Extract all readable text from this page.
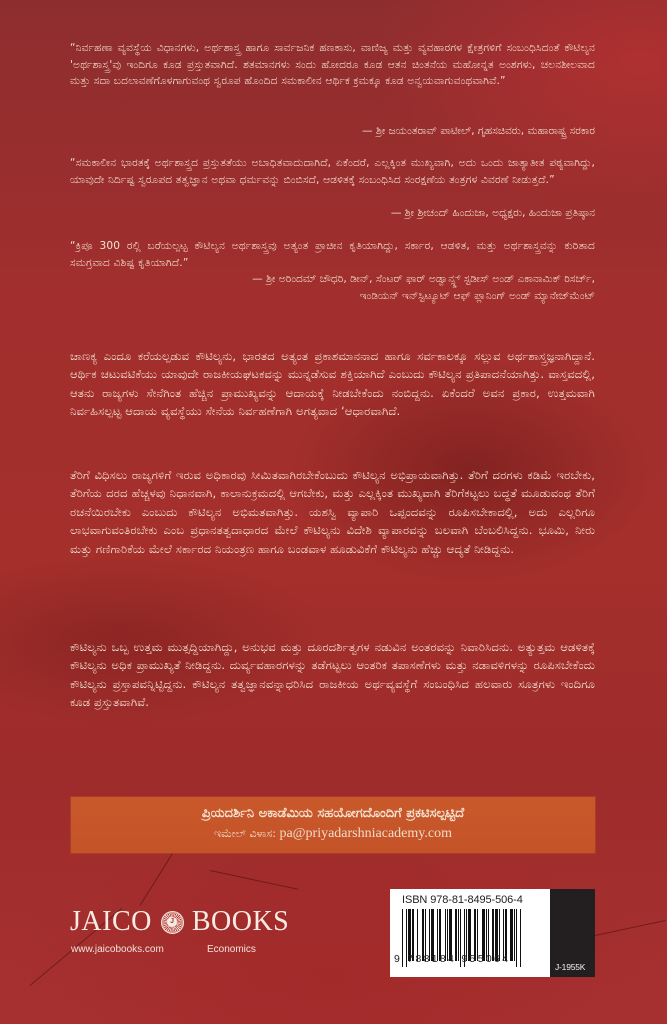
“ನಿರ್ವಹಣಾ ವ್ಯವಸ್ಥೆಯ ವಿಧಾನಗಳು, ಅರ್ಥಶಾಸ್ತ್ರ ಹಾಗೂ ಸಾರ್ವಜನಿಕ ಹಣಕಾಸು, ವಾಣಿಜ್ಯ ಮತ್ತು ವ್ಯವಹಾರಗಳ ಕ್ಷೇತ್ರಗಳಿಗೆ ಸಂಬಂಧಿಸಿದಂತೆ ಕೌಟಿಲ್ಯನ 'ಅರ್ಥಶಾಸ್ತ್ರ'ವು ಇಂದಿಗೂ ಕೂಡ ಪ್ರಸ್ತುತವಾಗಿದೆ. ಶತಮಾನಗಳು ಸಂದು ಹೋದರೂ ಕೂಡ ಆತನ ಚಿಂತನೆಯ ಮಹೋನ್ನತ ಅಂಶಗಳು, ಚಲನಶೀಲವಾದ ಮತ್ತು ಸದಾ ಬದಲಾವಣೆಗೊಳಗಾಗುವಂಥ ಸ್ವರೂಪ ಹೊಂದಿದ ಸಮಕಾಲೀನ ಆರ್ಥಿಕ ಕ್ರಮಕ್ಕೂ ಕೂಡ ಅನ್ವಯವಾಗುವಂಥವಾಗಿವೆ.”
— ಶ್ರೀ ಜಯಂತರಾವ್ ಪಾಟೀಲ್, ಗೃಹಸಚಿವರು, ಮಹಾರಾಷ್ಟ್ರ ಸರಕಾರ
“ಸಮಕಾಲೀನ ಭಾರತಕ್ಕೆ ಅರ್ಥಶಾಸ್ತ್ರದ ಪ್ರಸ್ತುತತೆಯು ಅಬಾಧಿತವಾದುದಾಗಿದೆ, ಏಕೆಂದರೆ, ಎಲ್ಲಕ್ಕಿಂತ ಮುಖ್ಯವಾಗಿ, ಅದು ಒಂದು ಜಾತ್ಯಾತೀತ ಪಠ್ಯವಾಗಿದ್ದು, ಯಾವುದೇ ನಿರ್ದಿಷ್ಟ ಸ್ವರೂಪದ ತತ್ವಜ್ಞಾನ ಅಥವಾ ಧರ್ಮವನ್ನು ಬಿಂಬಿಸದೆ, ಆಡಳಿತಕ್ಕೆ ಸಂಬಂಧಿಸಿದ ಸಂರಕ್ಷಣೆಯ ತಂತ್ರಗಳ ವಿವರಣೆ ನೀಡುತ್ತದೆ.”
— ಶ್ರೀ ಶ್ರೀಚಂದ್ ಹಿಂದುಜಾ, ಅಧ್ಯಕ್ಷರು, ಹಿಂದುಜಾ ಪ್ರತಿಷ್ಠಾನ
“ಕ್ರಿಪೂ 300 ರಲ್ಲಿ ಬರೆಯಲ್ಪಟ್ಟ ಕೌಟಿಲ್ಯನ ಅರ್ಥಶಾಸ್ತ್ರವು ಅತ್ಯಂತ ಪ್ರಾಚೀನ ಕೃತಿಯಾಗಿದ್ದು, ಸರ್ಕಾರ, ಆಡಳಿತ, ಮತ್ತು ಅರ್ಥಶಾಸ್ತ್ರವನ್ನು ಕುರಿತಾದ ಸಮಗ್ರವಾದ ವಿಶಿಷ್ಟ ಕೃತಿಯಾಗಿದೆ.”
— ಶ್ರೀ ಅರಿಂದಮ್ ಚೌಧರಿ, ಡೀನ್, ಸೆಂಟರ್ ಫಾರ್ ಅಡ್ವಾನ್ಸ್ಡ್ ಸ್ಟಡೀಸ್ ಅಂಡ್ ಎಕಾನಾಮಿಕ್ ರಿಸರ್ಚ್,
ಇಂಡಿಯನ್ ಇನ್‌ಸ್ಟಿಟ್ಯೂಟ್ ಆಫ್ ಪ್ಲಾನಿಂಗ್ ಅಂಡ್ ಮ್ಯಾನೇಜ್‌ಮೆಂಟ್
ಚಾಣಕ್ಯ ಎಂದೂ ಕರೆಯಲ್ಪಡುವ ಕೌಟಿಲ್ಯನು, ಭಾರತದ ಅತ್ಯಂತ ಪ್ರಕಾಶಮಾನನಾದ ಹಾಗೂ ಸರ್ವಕಾಲಕ್ಕೂ ಸಲ್ಲುವ ಅರ್ಥಶಾಸ್ತ್ರಜ್ಞನಾಗಿದ್ದಾನೆ. ಆರ್ಥಿಕ ಚಟುವಟಿಕೆಯು ಯಾವುದೇ ರಾಜಕೀಯಘಟಕವನ್ನು ಮುನ್ನಡೆಸುವ ಶಕ್ತಿಯಾಗಿದೆ ಎಂಬುದು ಕೌಟಿಲ್ಯನ ಪ್ರತಿಪಾದನೆಯಾಗಿತ್ತು. ವಾಸ್ತವದಲ್ಲಿ, ಆತನು ರಾಜ್ಯಗಳು ಸೇನೆಗಿಂತ ಹೆಚ್ಚಿನ ಪ್ರಾಮುಖ್ಯವನ್ನು ಆದಾಯಕ್ಕೆ ನೀಡಬೇಕೆಂದು ನಂಬಿದ್ದನು. ಏಕೆಂದರೆ ಅವನ ಪ್ರಕಾರ, ಉತ್ತಮವಾಗಿ ನಿರ್ವಹಿಸಲ್ಪಟ್ಟ ಆದಾಯ ವ್ಯವಸ್ಥೆಯು ಸೇನೆಯ ನಿರ್ವಹಣೆಗಾಗಿ ಅಗತ್ಯವಾದ ‘ಆಧಾರವಾಗಿದೆ.
ತೆರಿಗೆ ವಿಧಿಸಲು ರಾಜ್ಯಗಳಿಗೆ ಇರುವ ಅಧಿಕಾರವು ಸೀಮಿತವಾಗಿರಬೇಕೆಂಬುದು ಕೌಟಿಲ್ಯನ ಅಭಿಪ್ರಾಯವಾಗಿತ್ತು. ತೆರಿಗೆ ದರಗಳು ಕಡಿಮೆ ಇರಬೇಕು, ತೆರಿಗೆಯ ದರದ ಹೆಚ್ಚಳವು ನಿಧಾನವಾಗಿ, ಕಾಲಾನುಕ್ರಮದಲ್ಲಿ ಆಗಬೇಕು, ಮತ್ತು ಎಲ್ಲಕ್ಕಿಂತ ಮುಖ್ಯವಾಗಿ ತೆರಿಗೆಕಟ್ಟಲು ಬದ್ಧತೆ ಮೂಡುವಂಥ ತೆರಿಗೆ ರಚನೆಯಿರಬೇಕು ಎಂಬುದು ಕೌಟಿಲ್ಯನ ಅಭಿಮತವಾಗಿತ್ತು. ಯಶಸ್ವಿ ವ್ಯಾಪಾರಿ ಒಪ್ಪಂದವನ್ನು ರೂಪಿಸಬೇಕಾದಲ್ಲಿ, ಅದು ಎಲ್ಲರಿಗೂ ಲಾಭವಾಗುವಂತಿರಬೇಕು ಎಂಬ ಪ್ರಧಾನತತ್ವದಾಧಾರದ ಮೇಲೆ ಕೌಟಿಲ್ಯನು ವಿದೇಶಿ ವ್ಯಾಪಾರವನ್ನು ಬಲವಾಗಿ ಬೆಂಬಲಿಸಿದ್ದನು. ಭೂಮಿ, ನೀರು ಮತ್ತು ಗಣಿಗಾರಿಕೆಯ ಮೇಲೆ ಸರ್ಕಾರದ ನಿಯಂತ್ರಣ ಹಾಗೂ ಬಂಡವಾಳ ಹೂಡುವಿಕೆಗೆ ಕೌಟಿಲ್ಯನು ಹೆಚ್ಚು ಆದ್ಯತೆ ನೀಡಿದ್ದನು.
ಕೌಟಿಲ್ಯನು ಒಬ್ಬ ಉತ್ತಮ ಮುತ್ಸದ್ದಿಯಾಗಿದ್ದು, ಅನುಭವ ಮತ್ತು ದೂರದರ್ಶಿತ್ವಗಳ ನಡುವಿನ ಅಂತರವನ್ನು ನಿವಾರಿಸಿದನು. ಅತ್ಯುತ್ತಮ ಆಡಳಿತಕ್ಕೆ ಕೌಟಿಲ್ಯನು ಅಧಿಕ ಪ್ರಾಮುಖ್ಯತೆ ನೀಡಿದ್ದನು. ದುರ್ವ್ಯವಹಾರಗಳನ್ನು ತಡೆಗಟ್ಟಲು ಆಂತರಿಕ ತಪಾಸಣೆಗಳು ಮತ್ತು ನಡಾವಳಿಗಳನ್ನು ರೂಪಿಸಬೇಕೆಂದು ಕೌಟಿಲ್ಯನು ಪ್ರಸ್ತಾಪವನ್ನಿಟ್ಟಿದ್ದನು. ಕೌಟಿಲ್ಯನ ತತ್ವಜ್ಞಾನವನ್ನಾಧರಿಸಿದ ರಾಜಕೀಯ ಅರ್ಥವ್ಯವಸ್ಥೆಗೆ ಸಂಬಂಧಿಸಿದ ಹಲವಾರು ಸೂತ್ರಗಳು ಇಂದಿಗೂ ಕೂಡ ಪ್ರಸ್ತುತವಾಗಿವೆ.
ಪ್ರಿಯದರ್ಶಿನಿ ಅಕಾಡೆಮಿಯ ಸಹಯೋಗದೊಂದಿಗೆ ಪ್ರಕಟಿಸಲ್ಪಟ್ಟಿದೆ
ಇಮೇಲ್ ವಿಳಾಸ: pa@priyadarshniacademy.com
JAICO	J BOOKS
www.jaicobooks.com	Economics
ISBN 978-81-8495-506-4
9 788184 955064
J-1955K
